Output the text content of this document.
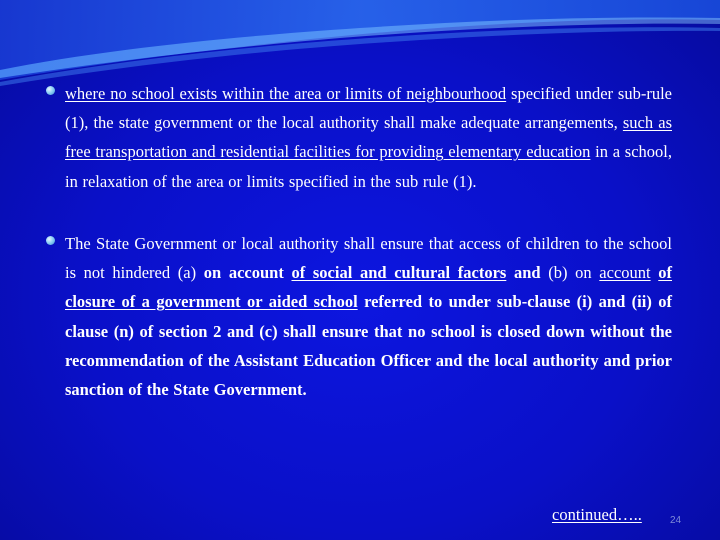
where no school exists within the area or limits of neighbourhood specified under sub-rule (1), the state government or the local authority shall make adequate arrangements, such as free transportation and residential facilities for providing elementary education in a school, in relaxation of the area or limits specified in the sub rule (1).
The State Government or local authority shall ensure that access of children to the school is not hindered (a) on account of social and cultural factors and (b) on account of closure of a government or aided school referred to under sub-clause (i) and (ii) of clause (n) of section 2 and (c) shall ensure that no school is closed down without the recommendation of the Assistant Education Officer and the local authority and prior sanction of the State Government.
continued…..	24
